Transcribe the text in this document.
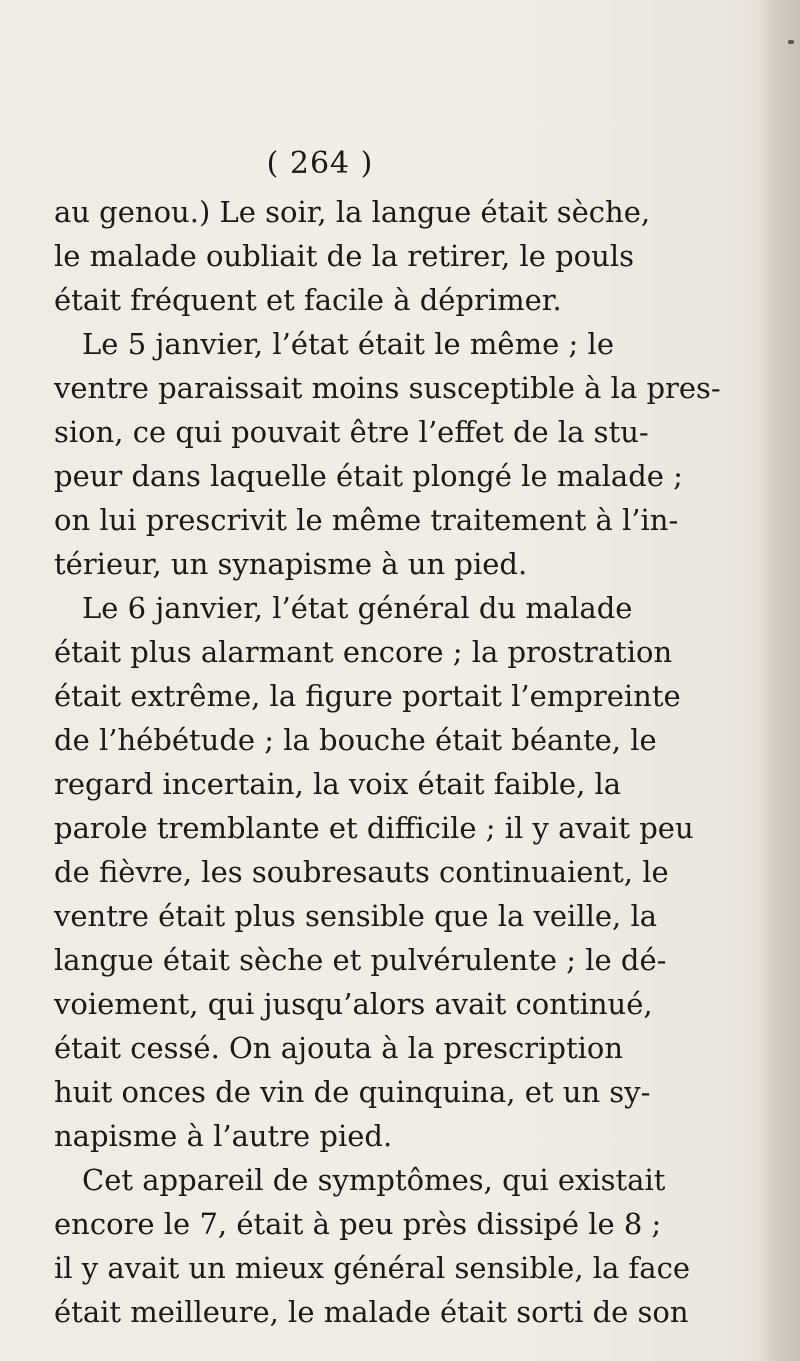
( 264 )
au genou.) Le soir, la langue était sèche,
le malade oubliait de la retirer, le pouls
était fréquent et facile à déprimer.
Le 5 janvier, l’état était le même ; le
ventre paraissait moins susceptible à la pres-
sion, ce qui pouvait être l’effet de la stu-
peur dans laquelle était plongé le malade ;
on lui prescrivit le même traitement à l’in-
térieur, un synapisme à un pied.
Le 6 janvier, l’état général du malade
était plus alarmant encore ; la prostration
était extrême, la figure portait l’empreinte
de l’hébétude ; la bouche était béante, le
regard incertain, la voix était faible, la
parole tremblante et difficile ; il y avait peu
de fièvre, les soubresauts continuaient, le
ventre était plus sensible que la veille, la
langue était sèche et pulvérulente ; le dé-
voiement, qui jusqu’alors avait continué,
était cessé. On ajouta à la prescription
huit onces de vin de quinquina, et un sy-
napisme à l’autre pied.
Cet appareil de symptômes, qui existait
encore le 7, était à peu près dissipé le 8 ;
il y avait un mieux général sensible, la face
était meilleure, le malade était sorti de son
